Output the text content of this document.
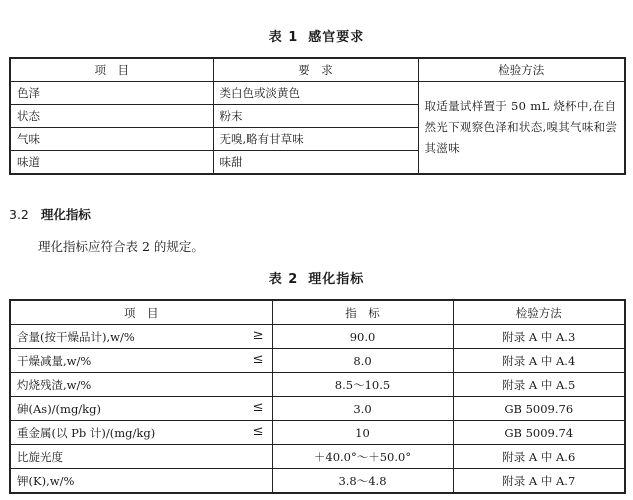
表 1 感官要求
项　目	要　求	检验方法
色泽	类白色或淡黄色	取适量试样置于 50 mL 烧杯中,在自然光下观察色泽和状态,嗅其气味和尝其滋味
状态	粉末	
气味	无嗅,略有甘草味	
味道	味甜	
3.2 理化指标
理化指标应符合表 2 的规定。
表 2 理化指标
项　目	指　标	检验方法
含量(按干燥品计),w/% ≥	90.0	附录 A 中 A.3
干燥减量,w/% ≤	8.0	附录 A 中 A.4
灼烧残渣,w/%	8.5～10.5	附录 A 中 A.5
砷(As)/(mg/kg) ≤	3.0	GB 5009.76
重金属(以 Pb 计)/(mg/kg) ≤	10	GB 5009.74
比旋光度	＋40.0°～＋50.0°	附录 A 中 A.6
钾(K),w/%	3.8～4.8	附录 A 中 A.7
